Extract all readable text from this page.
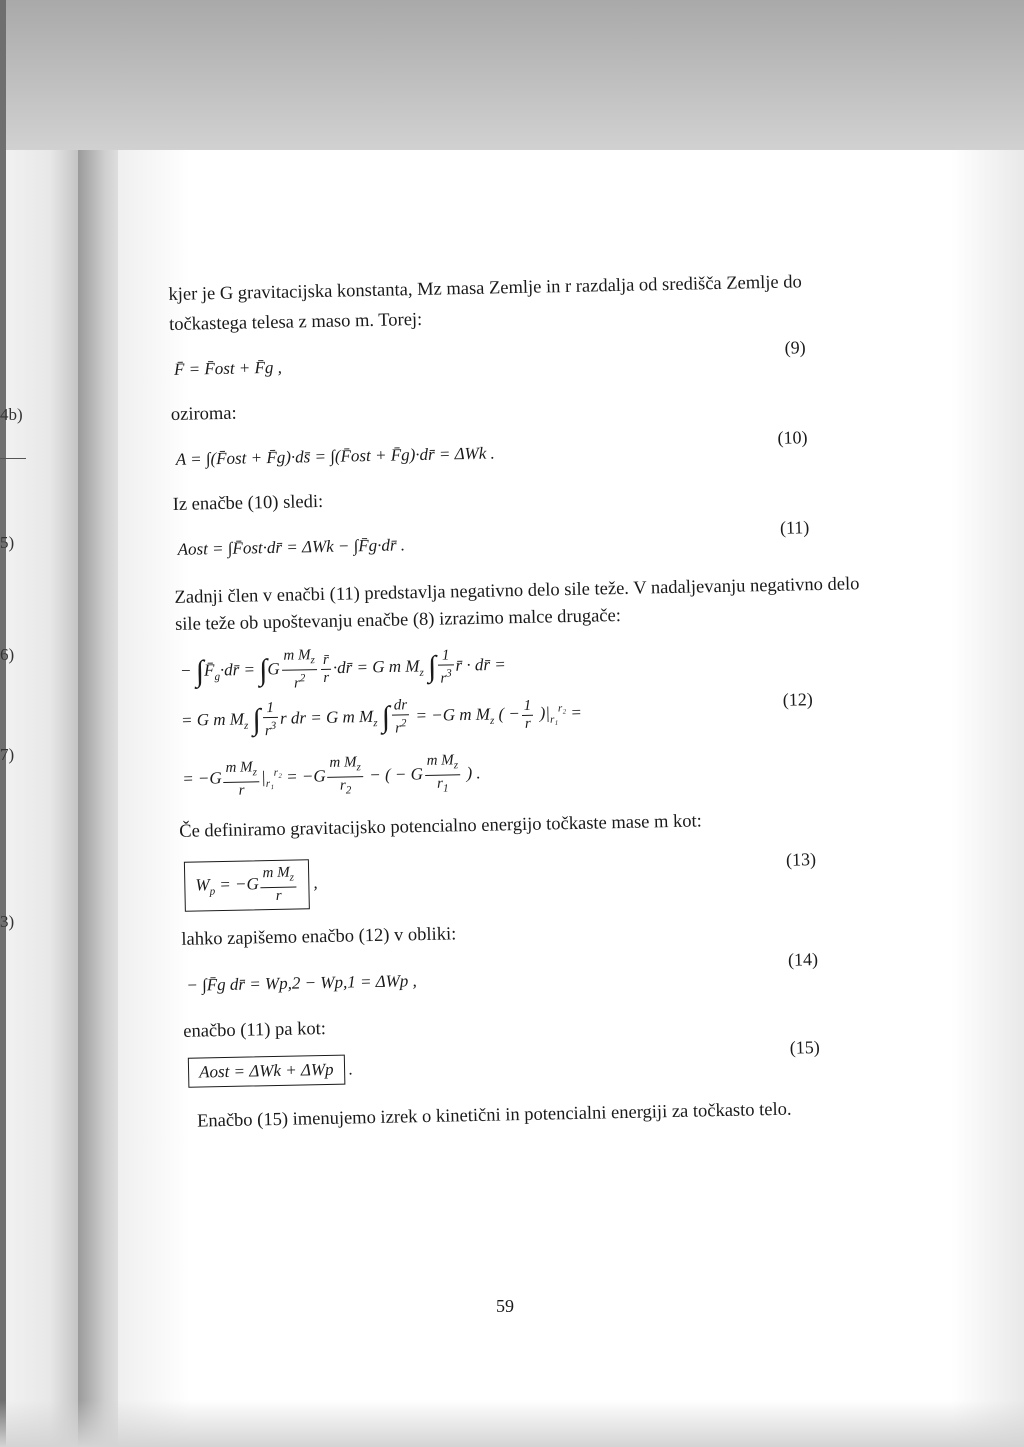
4b)
5)
6)
7)
3)
kjer je G gravitacijska konstanta, Mz masa Zemlje in r razdalja od središča Zemlje do
točkastega telesa z maso m. Torej:
F̄ = F̄ost + F̄g ,
(9)
oziroma:
A = ∫(F̄ost + F̄g)·ds̄ = ∫(F̄ost + F̄g)·dr̄ = ΔWk .
(10)
Iz enačbe (10) sledi:
Aost = ∫F̄ost·dr̄ = ΔWk − ∫F̄g·dr̄ .
(11)
Zadnji člen v enačbi (11) predstavlja negativno delo sile teže. V nadaljevanju negativno delo
sile teže ob upoštevanju enačbe (8) izrazimo malce drugače:
− $\int F̄_g\cdot dr̄ = \int G \frac{m M_z}{r^2} \frac{r̄}{r}$ ·dr̄ = G m $M_z$ ∫ $\frac{1}{r^3}$ r̄ · dr̄ =
= G m $M_z$ ∫ $\frac{1}{r^3}$ r dr = G m $M_z$ ∫ $\frac{dr}{r^2} = -G$ m $M_z$ ( − $\frac{1}{r} )|_{r_1}^{r_2}$ =
(12)
= $-G \frac{m M_z}{r} |_{r_1}^{r_2} = -G \frac{m M_z}{r_2}$ − ( − G $\frac{m M_z}{r_1}$ ) .
Če definiramo gravitacijsko potencialno energijo točkaste mase m kot:
$W_p = -G \frac{m M_z}{r}$ ,
(13)
lahko zapišemo enačbo (12) v obliki:
− ∫F̄g dr̄ = Wp,2 − Wp,1 = ΔWp ,
(14)
enačbo (11) pa kot:
Aost = ΔWk + ΔWp .
(15)
Enačbo (15) imenujemo izrek o kinetični in potencialni energiji za točkasto telo.
59
